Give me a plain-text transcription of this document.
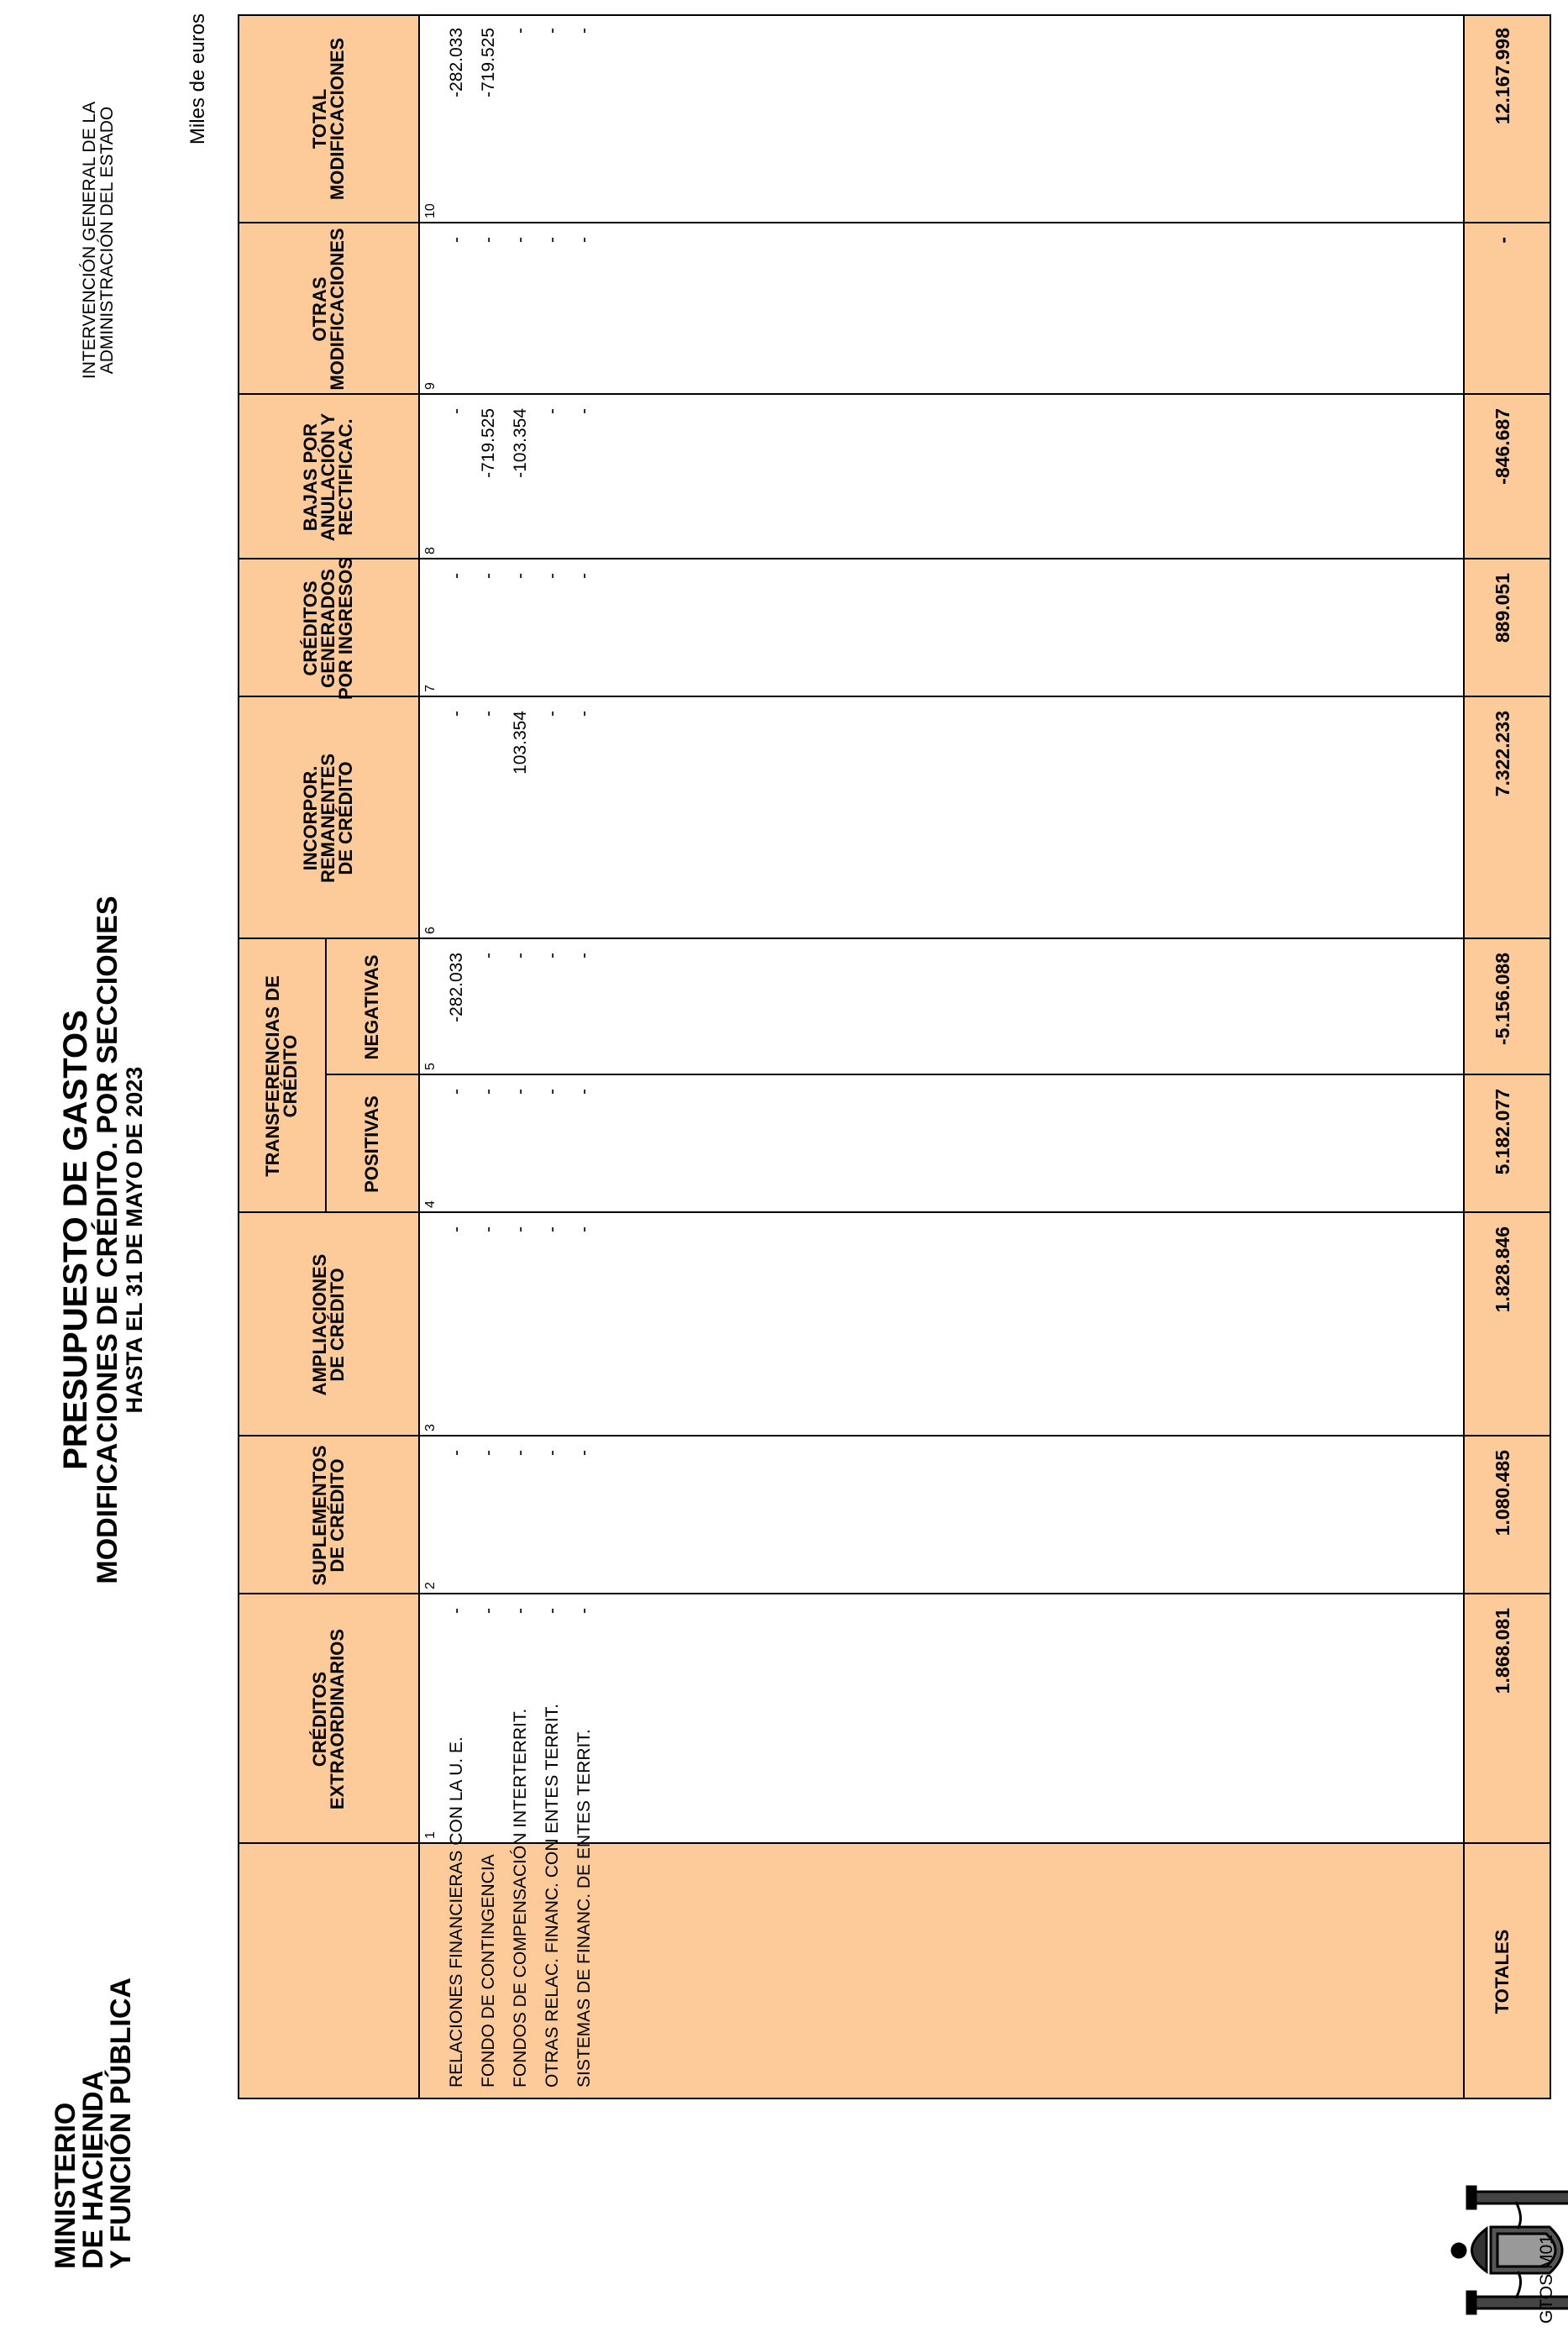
MINISTERIO
DE HACIENDA
Y FUNCIÓN PÚBLICA
PRESUPUESTO DE GASTOS
MODIFICACIONES DE CRÉDITO. POR SECCIONES
HASTA EL 31 DE MAYO DE 2023
INTERVENCIÓN GENERAL DE LA
ADMINISTRACIÓN DEL ESTADO
Miles de euros
GTOS M01
CRÉDITOS
EXTRAORDINARIOS
1
SUPLEMENTOS
DE CRÉDITO
2
AMPLIACIONES
DE CRÉDITO
3
POSITIVAS
4
NEGATIVAS
5
INCORPOR.
REMANENTES
DE CRÉDITO
6
CRÉDITOS
GENERADOS
POR INGRESOS	7
BAJAS POR
ANULACIÓN Y
RECTIFICAC.
8
OTRAS
MODIFICACIONES	9
TOTAL
MODIFICACIONES
10
TRANSFERENCIAS DE
CRÉDITO
RELACIONES FINANCIERAS CON LA U. E.
-
-
-
-
-282.033
-
-
-
-
-282.033
FONDO DE CONTINGENCIA
-
-
-
-
-
-
-
-719.525
-
-719.525
FONDOS DE COMPENSACIÓN INTERTERRIT.
-
-
-
-
-
103.354
-
-103.354
-
-
OTRAS RELAC. FINANC. CON ENTES TERRIT.
-
-
-
-
-
-
-
-
-
-
SISTEMAS DE FINANC. DE ENTES TERRIT.
-
-
-
-
-
-
-
-
-
-
TOTALES
1.868.081
1.080.485
1.828.846
5.182.077
-5.156.088
7.322.233
889.051
-846.687
-
12.167.998
